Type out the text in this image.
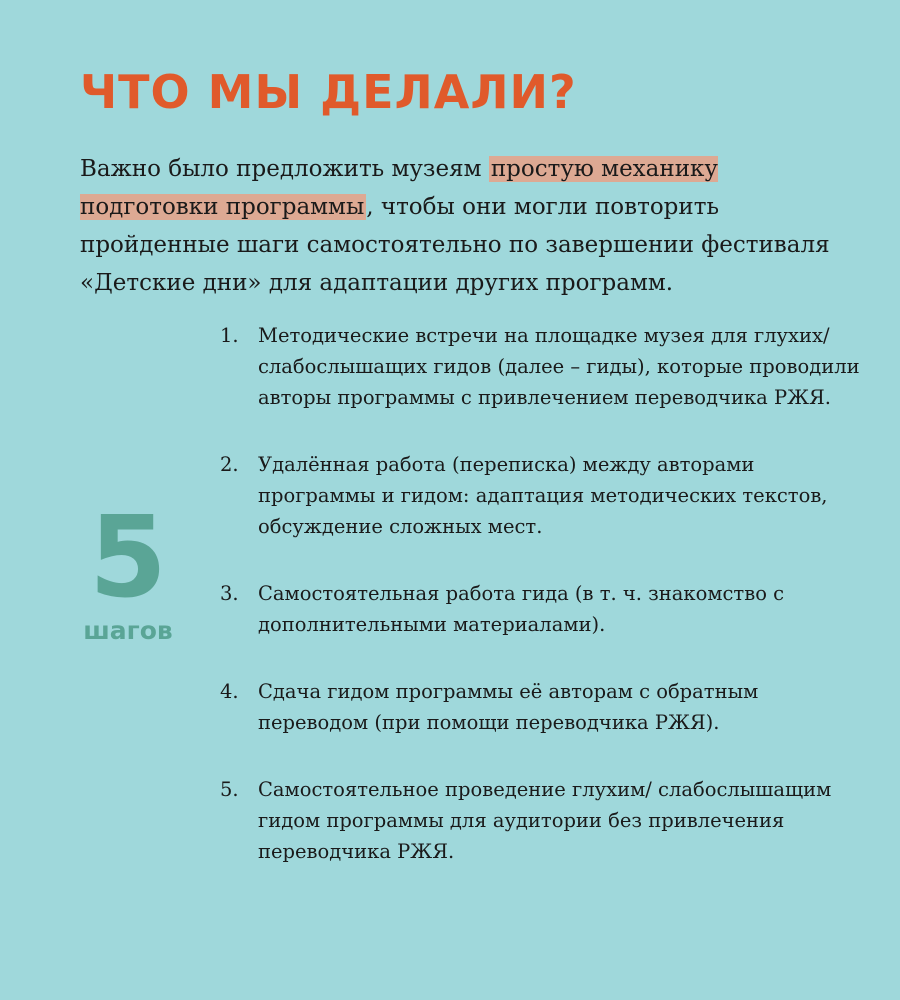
ЧТО МЫ ДЕЛАЛИ?

Важно было предложить музеям простую механику подготовки программы, чтобы они могли повторить пройденные шаги самостоятельно по завершении фестиваля «Детские дни» для адаптации других программ.

5
шагов
1. Методические встречи на площадке музея для глухих/слабослышащих гидов (далее – гиды), которые проводили авторы программы с привлечением переводчика РЖЯ.
2. Удалённая работа (переписка) между авторами программы и гидом: адаптация методических текстов, обсуждение сложных мест.
3. Самостоятельная работа гида (в т. ч. знакомство с дополнительными материалами).
4. Сдача гидом программы её авторам с обратным переводом (при помощи переводчика РЖЯ).
5. Самостоятельное проведение глухим/ слабослышащим гидом программы для аудитории без привлечения переводчика РЖЯ.
